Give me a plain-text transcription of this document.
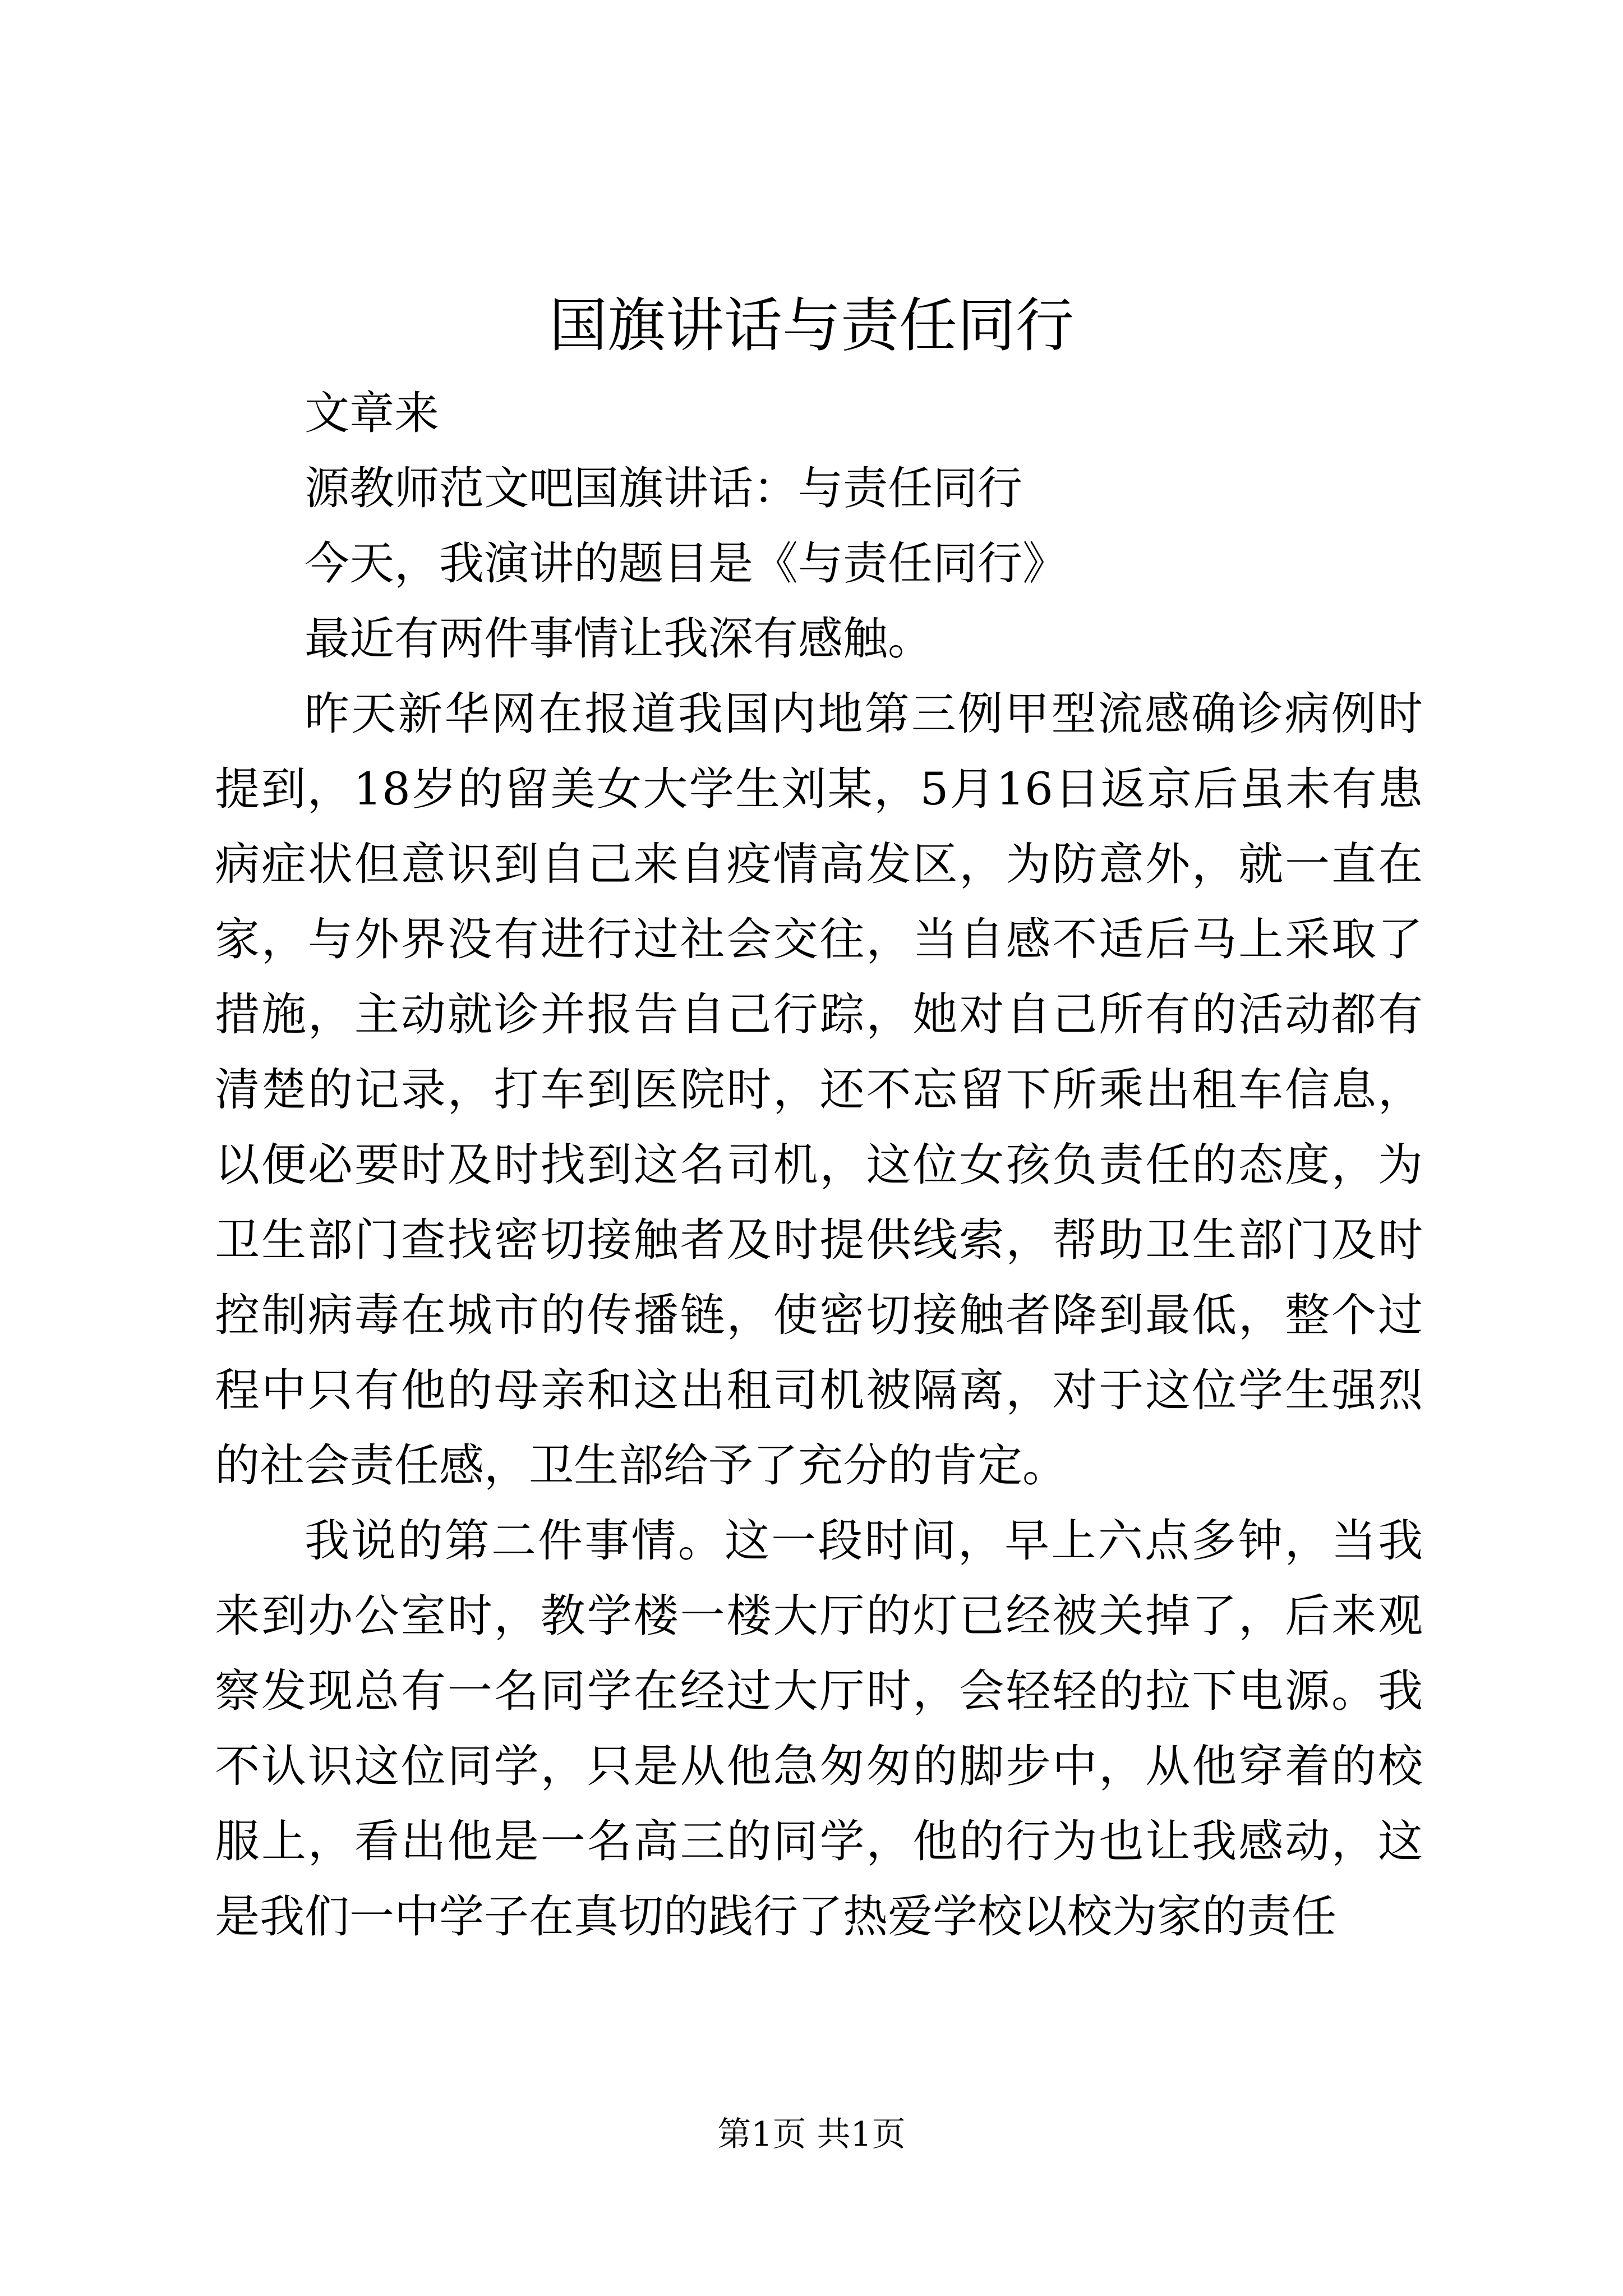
国旗讲话与责任同行

文章来

源教师范文吧国旗讲话：与责任同行

今天，我演讲的题目是《与责任同行》

最近有两件事情让我深有感触。

昨天新华网在报道我国内地第三例甲型流感确诊病例时提到，18岁的留美女大学生刘某，5月16日返京后虽未有患病症状但意识到自己来自疫情高发区，为防意外，就一直在家，与外界没有进行过社会交往，当自感不适后马上采取了措施，主动就诊并报告自己行踪，她对自己所有的活动都有清楚的记录，打车到医院时，还不忘留下所乘出租车信息，以便必要时及时找到这名司机，这位女孩负责任的态度，为卫生部门查找密切接触者及时提供线索，帮助卫生部门及时控制病毒在城市的传播链，使密切接触者降到最低，整个过程中只有他的母亲和这出租司机被隔离，对于这位学生强烈的社会责任感，卫生部给予了充分的肯定。

我说的第二件事情。这一段时间，早上六点多钟，当我来到办公室时，教学楼一楼大厅的灯已经被关掉了，后来观察发现总有一名同学在经过大厅时，会轻轻的拉下电源。我不认识这位同学，只是从他急匆匆的脚步中，从他穿着的校服上，看出他是一名高三的同学，他的行为也让我感动，这是我们一中学子在真切的践行了热爱学校以校为家的责任

第1页 共1页
